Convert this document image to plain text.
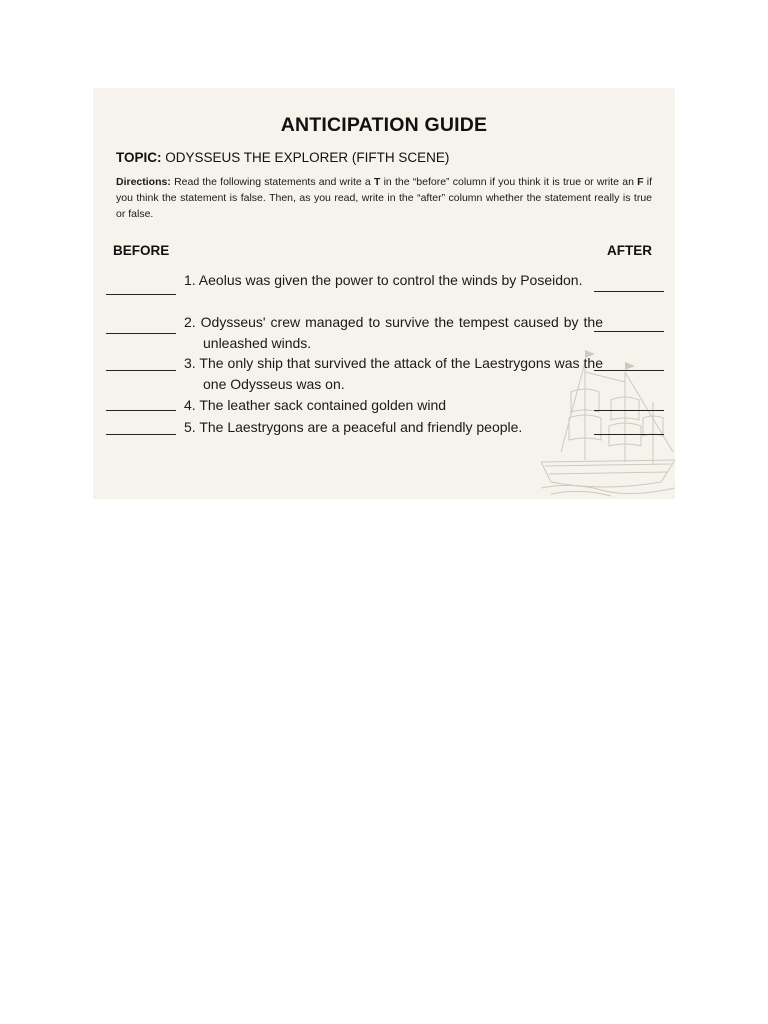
ANTICIPATION GUIDE
TOPIC: ODYSSEUS THE EXPLORER (FIFTH SCENE)
Directions: Read the following statements and write a T in the “before” column if you think it is true or write an F if you think the statement is false. Then, as you read, write in the “after” column whether the statement really is true or false.
BEFORE	AFTER
1. Aeolus was given the power to control the winds by Poseidon.
2. Odysseus' crew managed to survive the tempest caused by the unleashed winds.
3. The only ship that survived the attack of the Laestrygons was the one Odysseus was on.
4. The leather sack contained golden wind
5. The Laestrygons are a peaceful and friendly people.
